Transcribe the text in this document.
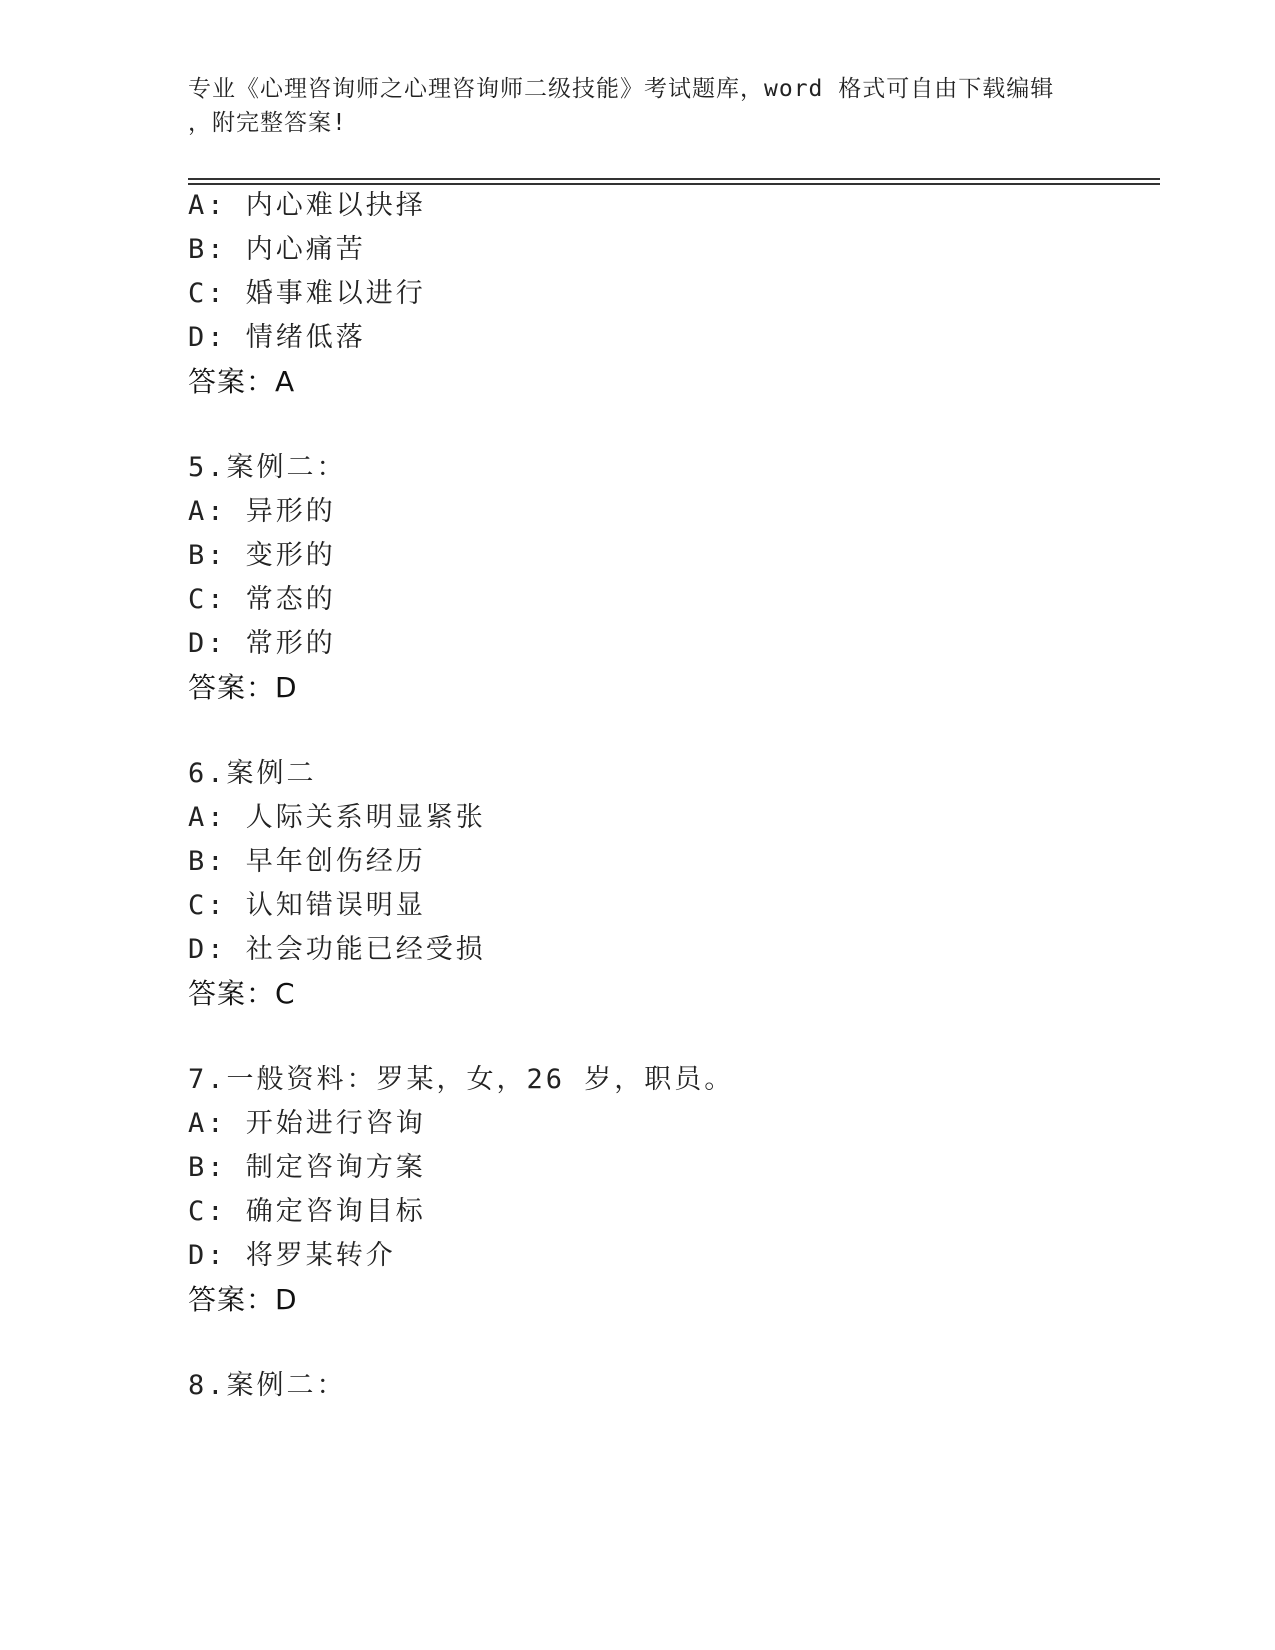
专业《心理咨询师之心理咨询师二级技能》考试题库，word 格式可自由下载编辑
，附完整答案!
A: 内心难以抉择
B: 内心痛苦
C: 婚事难以进行
D: 情绪低落
答案：A
5.案例二：
A: 异形的
B: 变形的
C: 常态的
D: 常形的
答案：D
6.案例二
A: 人际关系明显紧张
B: 早年创伤经历
C: 认知错误明显
D: 社会功能已经受损
答案：C
7.一般资料：罗某，女，26 岁，职员。
A: 开始进行咨询
B: 制定咨询方案
C: 确定咨询目标
D: 将罗某转介
答案：D
8.案例二：
